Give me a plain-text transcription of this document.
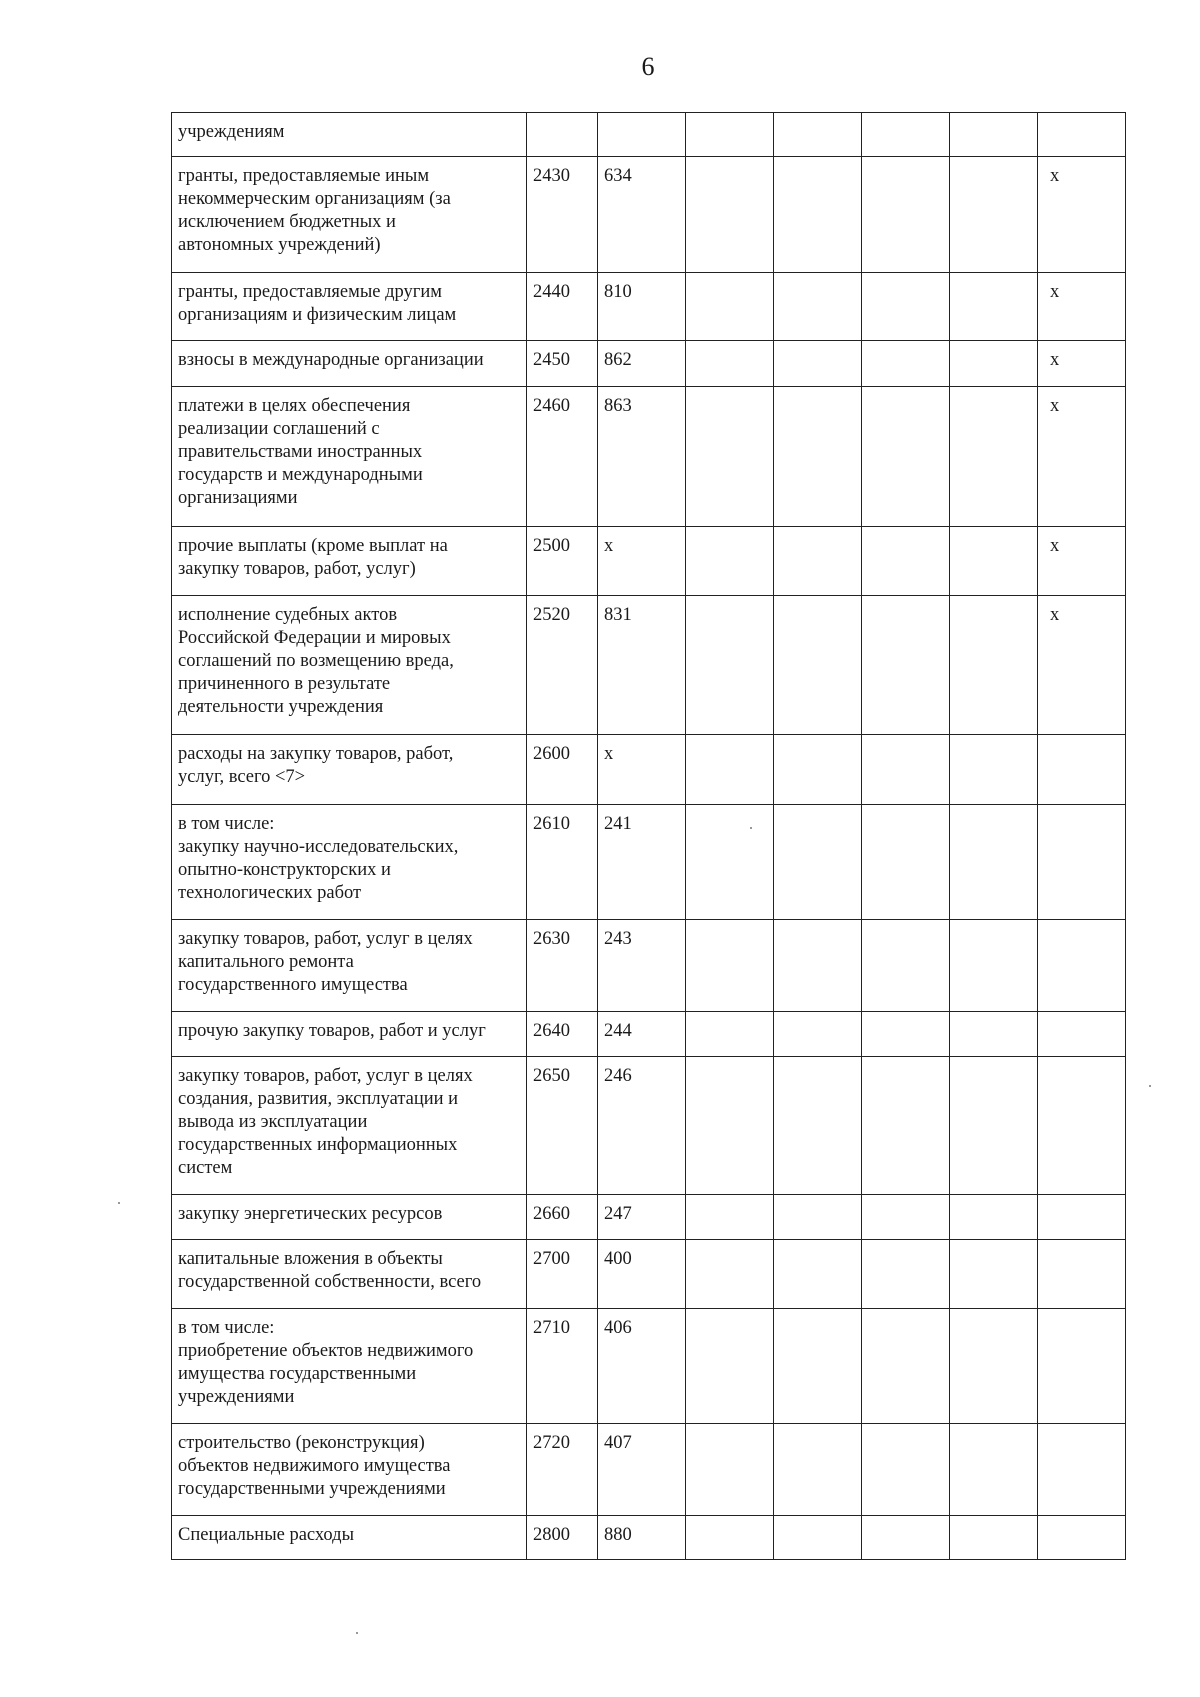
6
учреждениям							

гранты, предоставляемые иным
некоммерческим организациям (за
исключением бюджетных и
автономных учреждений)	2430	634					x

гранты, предоставляемые другим
организациям и физическим лицам	2440	810					x

взносы в международные организации	2450	862					x

платежи в целях обеспечения
реализации соглашений с
правительствами иностранных
государств и международными
организациями	2460	863					x

прочие выплаты (кроме выплат на
закупку товаров, работ, услуг)	2500	x					x

исполнение судебных актов
Российской Федерации и мировых
соглашений по возмещению вреда,
причиненного в результате
деятельности учреждения	2520	831					x

расходы на закупку товаров, работ,
услуг, всего <7>	2600	x					

в том числе:
закупку научно-исследовательских,
опытно-конструкторских и
технологических работ	2610	241					

закупку товаров, работ, услуг в целях
капитального ремонта
государственного имущества	2630	243					

прочую закупку товаров, работ и услуг	2640	244					

закупку товаров, работ, услуг в целях
создания, развития, эксплуатации и
вывода из эксплуатации
государственных информационных
систем	2650	246					

закупку энергетических ресурсов	2660	247					

капитальные вложения в объекты
государственной собственности, всего	2700	400					

в том числе:
приобретение объектов недвижимого
имущества государственными
учреждениями	2710	406					

строительство (реконструкция)
объектов недвижимого имущества
государственными учреждениями	2720	407					

Специальные расходы	2800	880					
